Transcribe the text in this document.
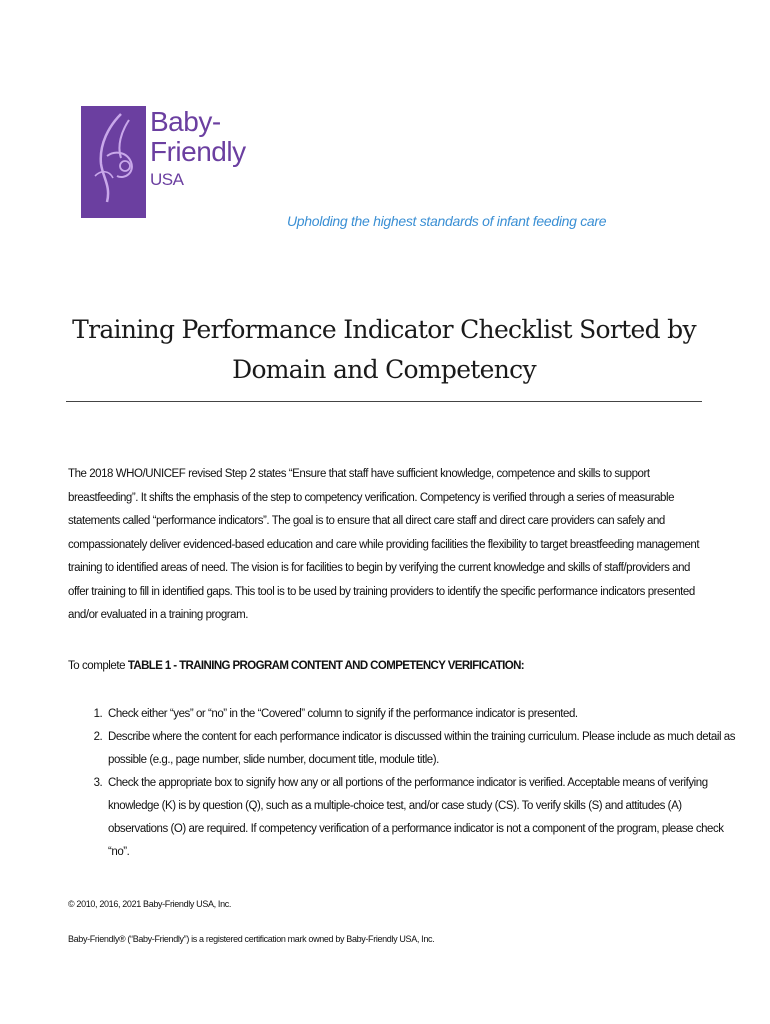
Baby-
Friendly
USA
Upholding the highest standards of infant feeding care
Training Performance Indicator Checklist Sorted by
Domain and Competency
The 2018 WHO/UNICEF revised Step 2 states “Ensure that staff have sufficient knowledge, competence and skills to support breastfeeding”. It shifts the emphasis of the step to competency verification. Competency is verified through a series of measurable statements called “performance indicators”. The goal is to ensure that all direct care staff and direct care providers can safely and compassionately deliver evidenced-based education and care while providing facilities the flexibility to target breastfeeding management training to identified areas of need. The vision is for facilities to begin by verifying the current knowledge and skills of staff/providers and offer training to fill in identified gaps. This tool is to be used by training providers to identify the specific performance indicators presented and/or evaluated in a training program.
To complete TABLE 1 - TRAINING PROGRAM CONTENT AND COMPETENCY VERIFICATION:
1. Check either “yes” or “no” in the “Covered” column to signify if the performance indicator is presented.
2. Describe where the content for each performance indicator is discussed within the training curriculum. Please include as much detail as possible (e.g., page number, slide number, document title, module title).
3. Check the appropriate box to signify how any or all portions of the performance indicator is verified. Acceptable means of verifying knowledge (K) is by question (Q), such as a multiple-choice test, and/or case study (CS). To verify skills (S) and attitudes (A) observations (O) are required. If competency verification of a performance indicator is not a component of the program, please check “no”.
© 2010, 2016, 2021 Baby-Friendly USA, Inc.
Baby-Friendly® (“Baby-Friendly”) is a registered certification mark owned by Baby-Friendly USA, Inc.
